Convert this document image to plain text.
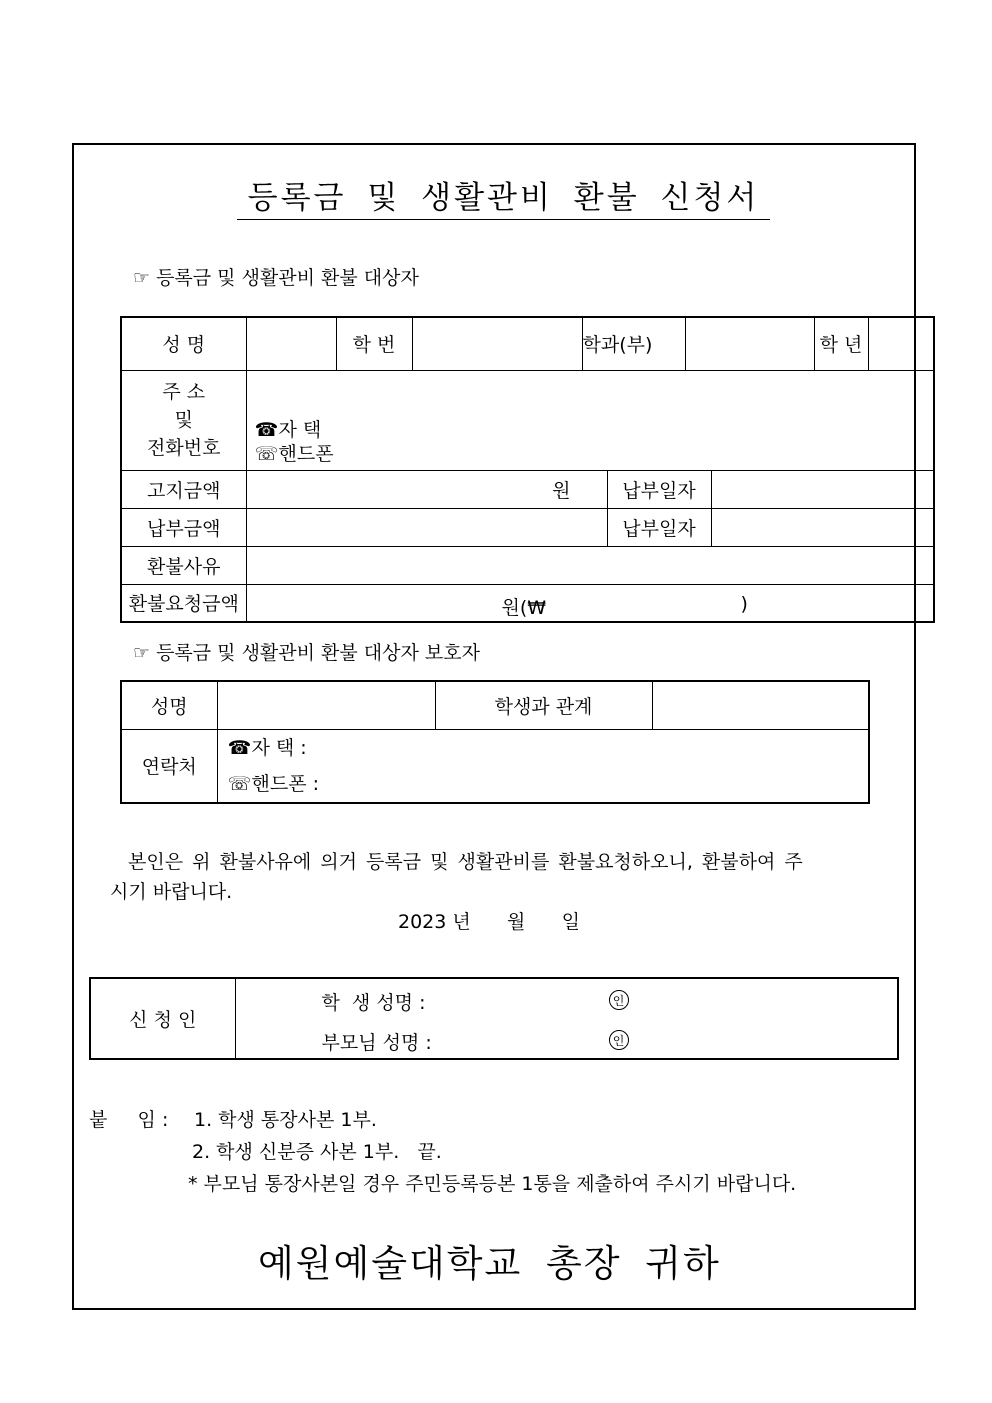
등록금 및 생활관비 환불 신청서
☞ 등록금 및 생활관비 환불 대상자
성 명		학 번		학과(부)				학 년	

주 소
및
전화번호	☎자 택
☏핸드폰								

고지금액	원				납부일자				
납부금액					납부일자				
환불사유									
환불요청금액	원(₩ )								
☞ 등록금 및 생활관비 환불 대상자 보호자
성명		학생과 관계	
연락처	☎자 택 :
☏핸드폰 :		
본인은 위 환불사유에 의거 등록금 및 생활관비를 환불요청하오니, 환불하여 주
시기 바랍니다.
2023 년      월      일
신 청 인	
학  생 성명 :	인
부모님 성명 :	인
붙     임 : 1. 학생 통장사본 1부.
2. 학생 신분증 사본 1부.   끝.
* 부모님 통장사본일 경우 주민등록등본 1통을 제출하여 주시기 바랍니다.
예원예술대학교 총장 귀하
